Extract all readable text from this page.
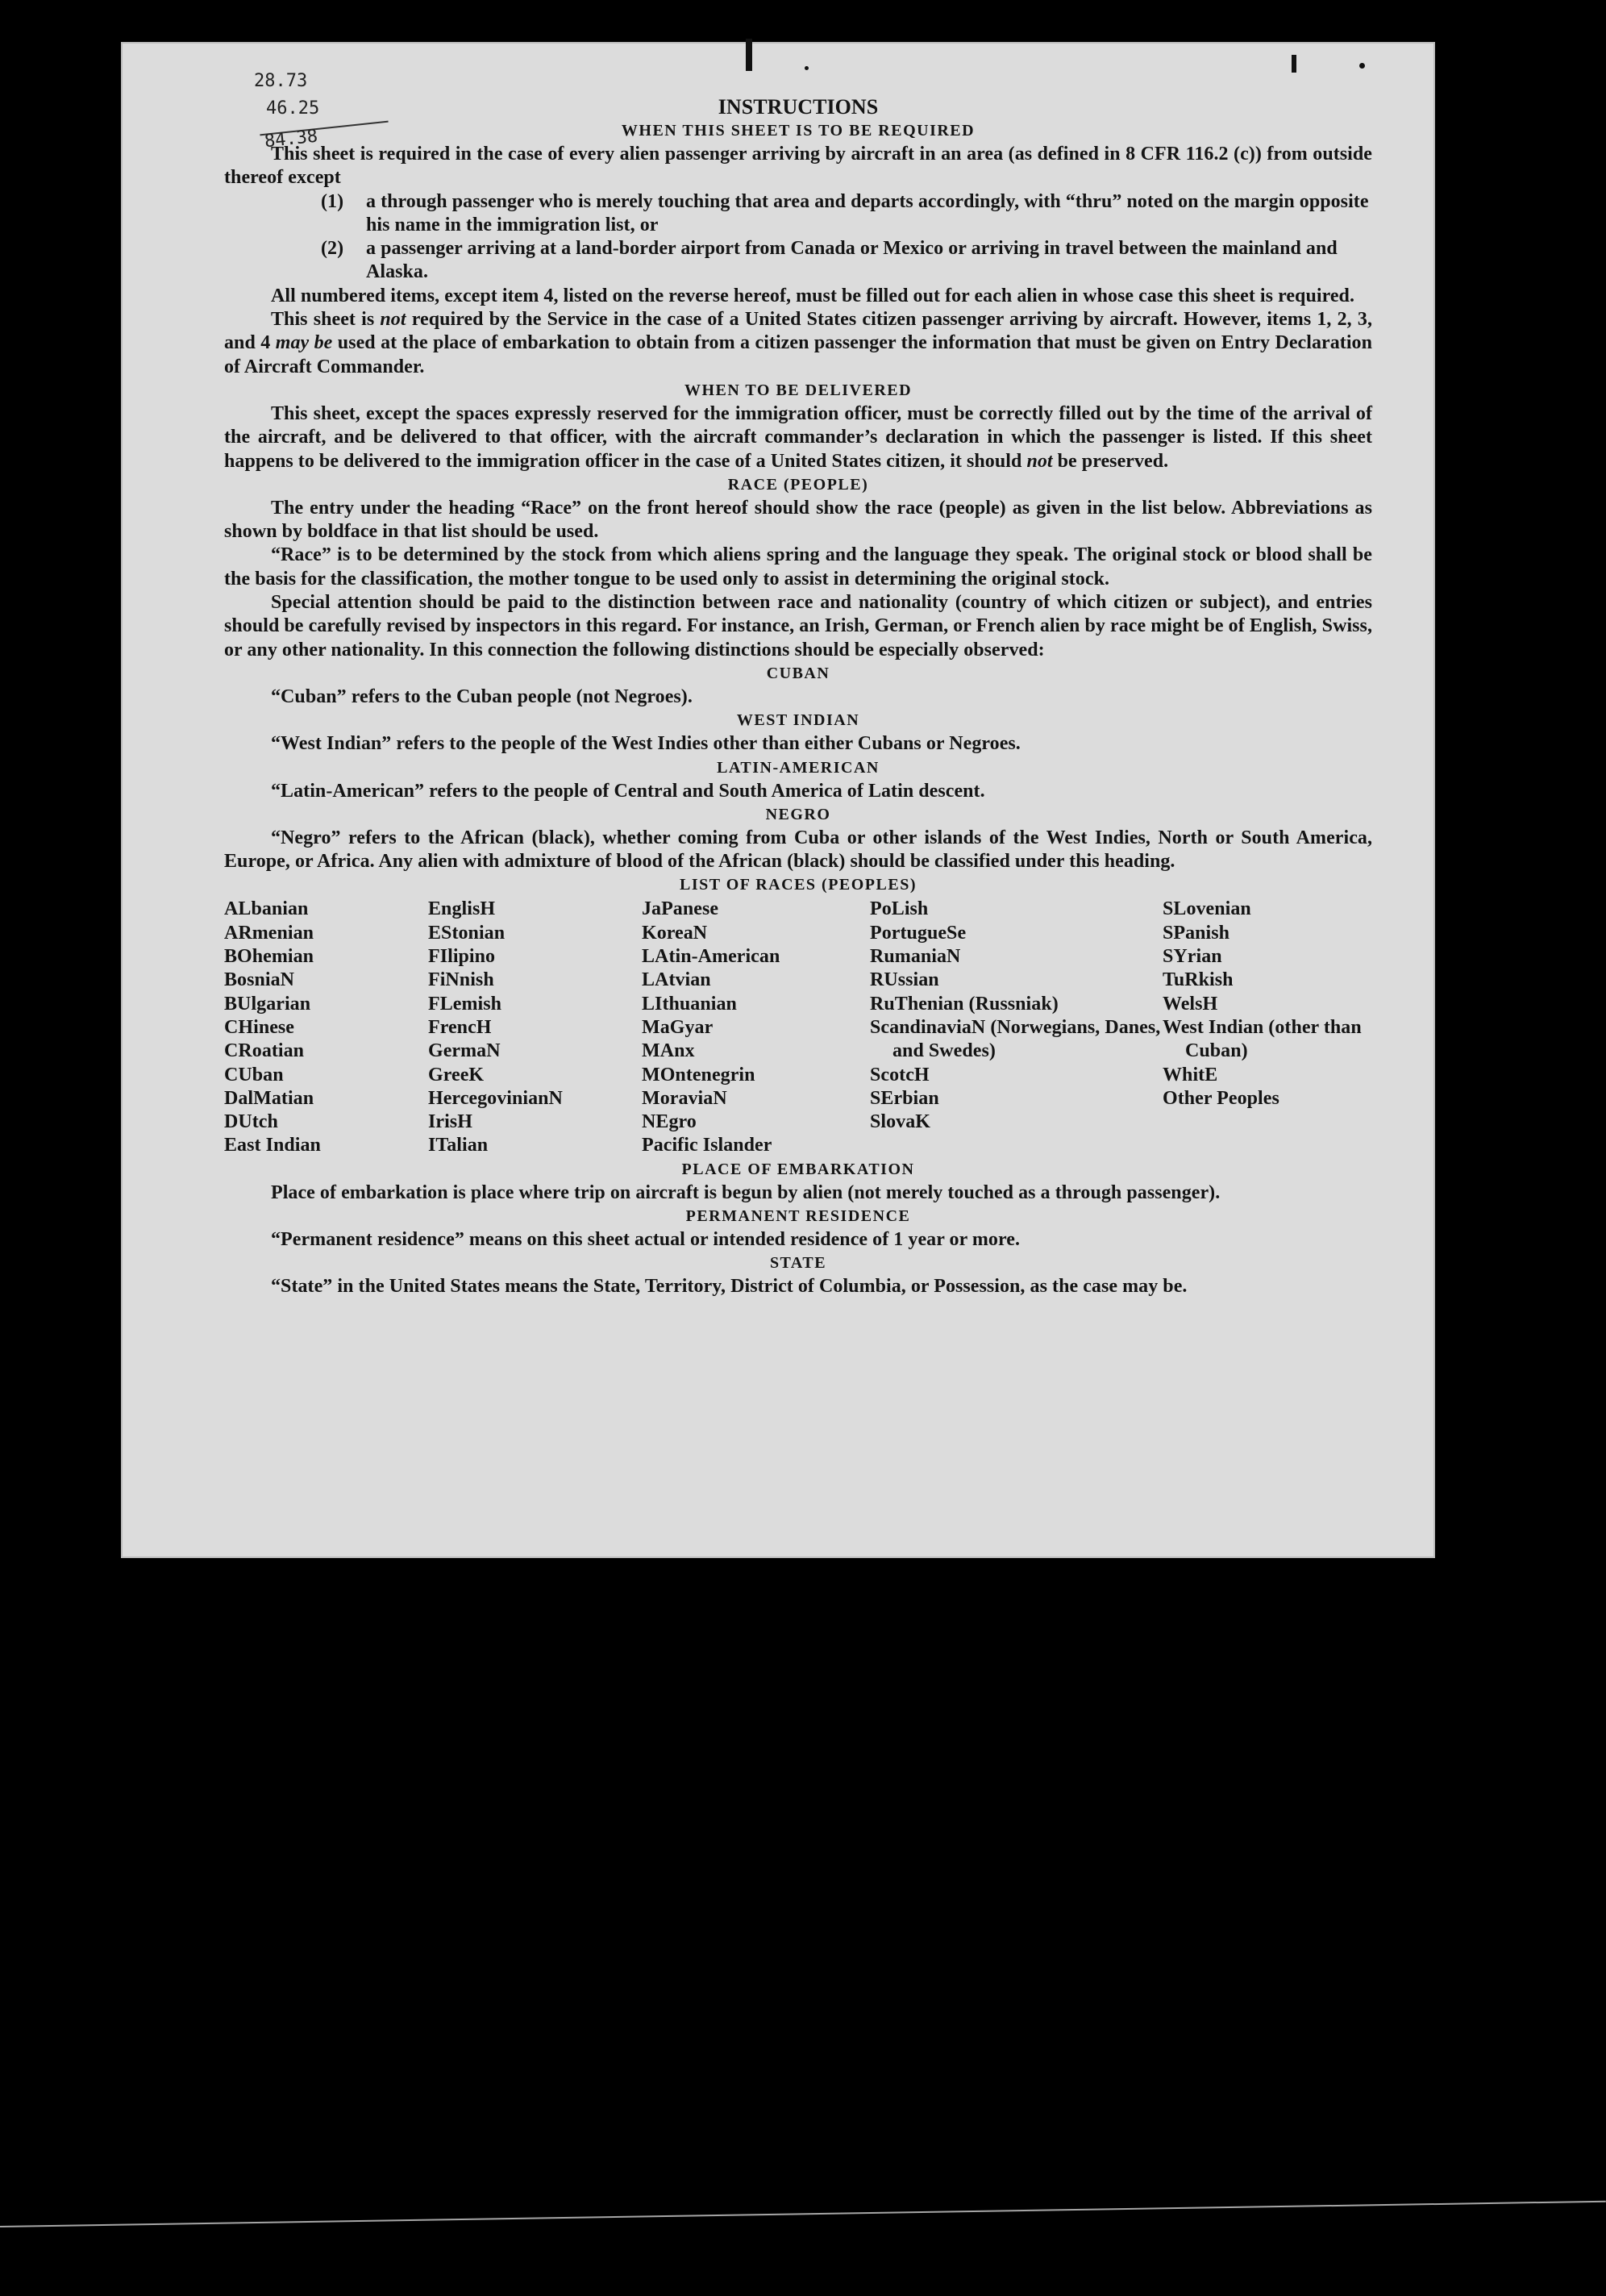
28.73
46.25
84.38
INSTRUCTIONS
WHEN THIS SHEET IS TO BE REQUIRED

This sheet is required in the case of every alien passenger arriving by aircraft in an area (as defined in 8 CFR 116.2 (c)) from outside thereof except

(1) a through passenger who is merely touching that area and departs accordingly, with “thru” noted on the margin opposite his name in the immigration list, or

(2) a passenger arriving at a land-border airport from Canada or Mexico or arriving in travel between the mainland and Alaska.

All numbered items, except item 4, listed on the reverse hereof, must be filled out for each alien in whose case this sheet is required.

This sheet is not required by the Service in the case of a United States citizen passenger arriving by aircraft. However, items 1, 2, 3, and 4 may be used at the place of embarkation to obtain from a citizen passenger the information that must be given on Entry Declaration of Aircraft Commander.

WHEN TO BE DELIVERED

This sheet, except the spaces expressly reserved for the immigration officer, must be correctly filled out by the time of the arrival of the aircraft, and be delivered to that officer, with the aircraft commander’s declaration in which the passenger is listed. If this sheet happens to be delivered to the immigration officer in the case of a United States citizen, it should not be preserved.

RACE (PEOPLE)

The entry under the heading “Race” on the front hereof should show the race (people) as given in the list below. Abbreviations as shown by boldface in that list should be used.

“Race” is to be determined by the stock from which aliens spring and the language they speak. The original stock or blood shall be the basis for the classification, the mother tongue to be used only to assist in determining the original stock.

Special attention should be paid to the distinction between race and nationality (country of which citizen or subject), and entries should be carefully revised by inspectors in this regard. For instance, an Irish, German, or French alien by race might be of English, Swiss, or any other nationality. In this connection the following distinctions should be especially observed:

CUBAN

“Cuban” refers to the Cuban people (not Negroes).

WEST INDIAN

“West Indian” refers to the people of the West Indies other than either Cubans or Negroes.

LATIN-AMERICAN

“Latin-American” refers to the people of Central and South America of Latin descent.

NEGRO

“Negro” refers to the African (black), whether coming from Cuba or other islands of the West Indies, North or South America, Europe, or Africa. Any alien with admixture of blood of the African (black) should be classified under this heading.

LIST OF RACES (PEOPLES)
ALbanian
ARmenian
BOhemian
BosniaN
BUlgarian
CHinese
CRoatian
CUban
DalMatian
DUtch
East Indian
EnglisH
EStonian
FIlipino
FiNnish
FLemish
FrencH
GermaN
GreeK
HercegovinianN
IrisH
ITalian
JaPanese
KoreaN
LAtin-American
LAtvian
LIthuanian
MaGyar
MAnx
MOntenegrin
MoraviaN
NEgro
Pacific Islander
PoLish
PortugueSe
RumaniaN
RUssian
RuThenian (Russniak)
ScandinaviaN (Norwegians, Danes, and Swedes)
ScotcH
SErbian
SlovaK
SLovenian
SPanish
SYrian
TuRkish
WelsH
West Indian (other than Cuban)
WhitE
Other Peoples
PLACE OF EMBARKATION

Place of embarkation is place where trip on aircraft is begun by alien (not merely touched as a through passenger).

PERMANENT RESIDENCE

“Permanent residence” means on this sheet actual or intended residence of 1 year or more.

STATE

“State” in the United States means the State, Territory, District of Columbia, or Possession, as the case may be.
